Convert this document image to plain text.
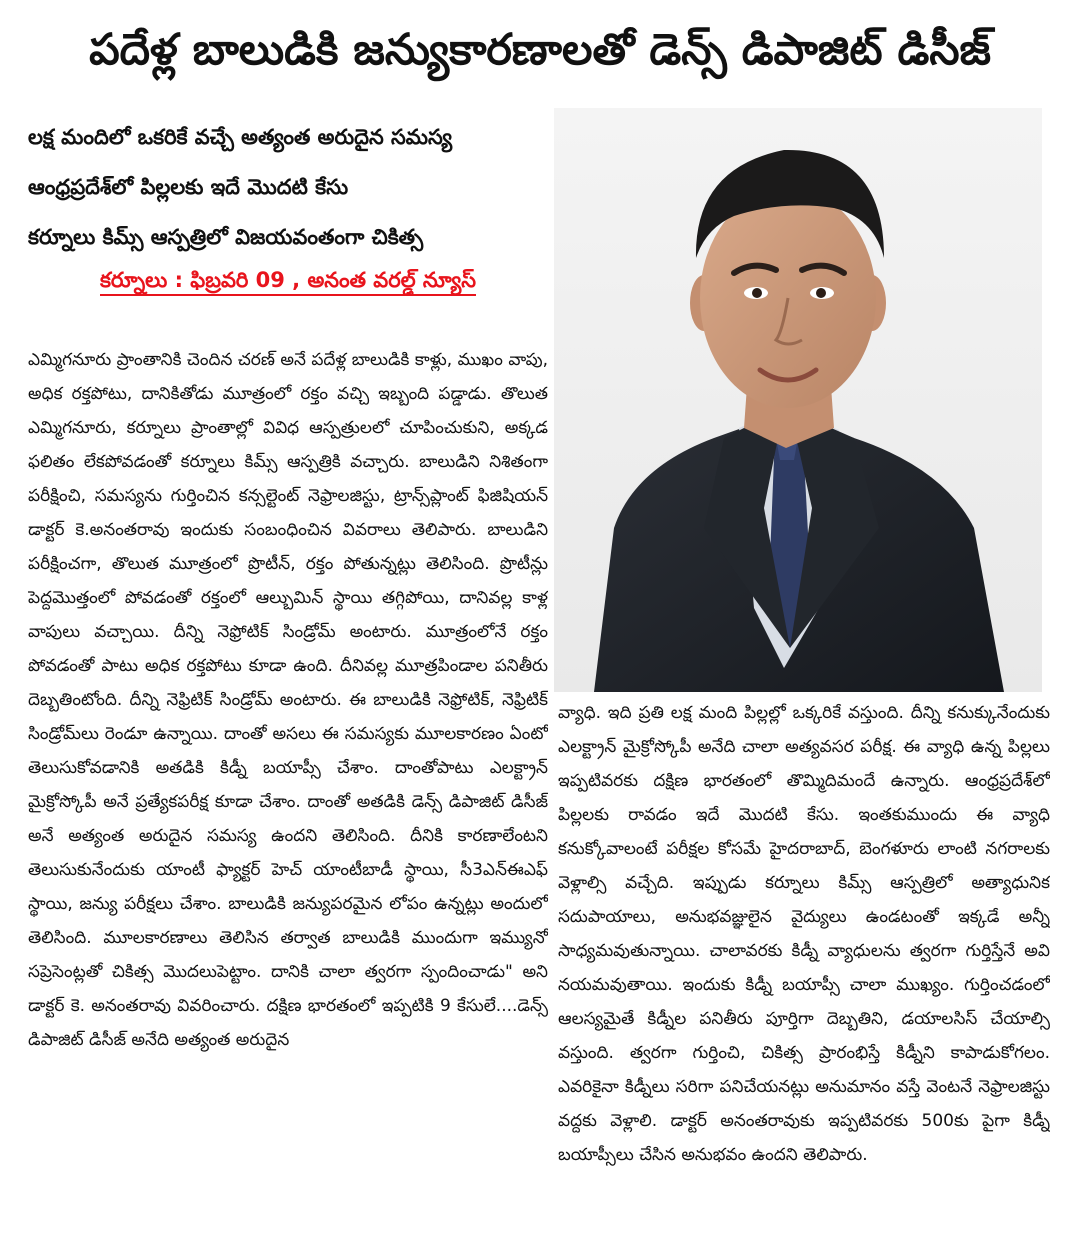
పదేళ్ల బాలుడికి జన్యుకారణాలతో డెన్స్ డిపాజిట్ డిసీజ్
లక్ష మందిలో ఒకరికే వచ్చే అత్యంత అరుదైన సమస్య
ఆంధ్రప్రదేశ్‌లో పిల్లలకు ఇదే మొదటి కేసు
కర్నూలు కిమ్స్ ఆస్పత్రిలో విజయవంతంగా చికిత్స
కర్నూలు : ఫిబ్రవరి 09 , అనంత వరల్డ్ న్యూస్

ఎమ్మిగనూరు ప్రాంతానికి చెందిన చరణ్ అనే పదేళ్ల బాలుడికి కాళ్లు, ముఖం వాపు, అధిక రక్తపోటు, దానికితోడు మూత్రంలో రక్తం వచ్చి ఇబ్బంది పడ్డాడు. తొలుత ఎమ్మిగనూరు, కర్నూలు ప్రాంతాల్లో వివిధ ఆస్పత్రులలో చూపించుకుని, అక్కడ ఫలితం లేకపోవడంతో కర్నూలు కిమ్స్ ఆస్పత్రికి వచ్చారు. బాలుడిని నిశితంగా పరీక్షించి, సమస్యను గుర్తించిన కన్సల్టెంట్ నెఫ్రాలజిస్టు, ట్రాన్స్‌ప్లాంట్ ఫిజిషియన్ డాక్టర్ కె.అనంతరావు ఇందుకు సంబంధించిన వివరాలు తెలిపారు. బాలుడిని పరీక్షించగా, తొలుత మూత్రంలో ప్రొటీన్, రక్తం పోతున్నట్లు తెలిసింది. ప్రొటీన్లు పెద్దమొత్తంలో పోవడంతో రక్తంలో ఆల్బుమిన్ స్థాయి తగ్గిపోయి, దానివల్ల కాళ్ల వాపులు వచ్చాయి. దీన్ని నెఫ్రోటిక్ సిండ్రోమ్ అంటారు. మూత్రంలోనే రక్తం పోవడంతో పాటు అధిక రక్తపోటు కూడా ఉంది. దీనివల్ల మూత్రపిండాల పనితీరు దెబ్బతింటోంది. దీన్ని నెఫ్రిటిక్ సిండ్రోమ్ అంటారు. ఈ బాలుడికి నెఫ్రోటిక్, నెఫ్రిటిక్ సిండ్రోమ్‌లు రెండూ ఉన్నాయి. దాంతో అసలు ఈ సమస్యకు మూలకారణం ఏంటో తెలుసుకోవడానికి అతడికి కిడ్నీ బయాప్సీ చేశాం. దాంతోపాటు ఎలక్ట్రాన్ మైక్రోస్కోపీ అనే ప్రత్యేకపరీక్ష కూడా చేశాం. దాంతో అతడికి డెన్స్ డిపాజిట్ డిసీజ్ అనే అత్యంత అరుదైన సమస్య ఉందని తెలిసింది. దీనికి కారణాలేంటని తెలుసుకునేందుకు యాంటీ ఫ్యాక్టర్ హెచ్ యాంటీబాడీ స్థాయి, సీ3ఎన్ఈఎఫ్ స్థాయి, జన్యు పరీక్షలు చేశాం. బాలుడికి జన్యుపరమైన లోపం ఉన్నట్లు అందులో తెలిసింది. మూలకారణాలు తెలిసిన తర్వాత బాలుడికి ముందుగా ఇమ్యునో సప్రెసెంట్లతో చికిత్స మొదలుపెట్టాం. దానికి చాలా త్వరగా స్పందించాడు" అని డాక్టర్ కె. అనంతరావు వివరించారు. దక్షిణ భారతంలో ఇప్పటికి 9 కేసులే....డెన్స్ డిపాజిట్ డిసీజ్ అనేది అత్యంత అరుదైన

వ్యాధి. ఇది ప్రతి లక్ష మంది పిల్లల్లో ఒక్కరికే వస్తుంది. దీన్ని కనుక్కునేందుకు ఎలక్ట్రాన్ మైక్రోస్కోపీ అనేది చాలా అత్యవసర పరీక్ష. ఈ వ్యాధి ఉన్న పిల్లలు ఇప్పటివరకు దక్షిణ భారతంలో తొమ్మిదిమందే ఉన్నారు. ఆంధ్రప్రదేశ్‌లో పిల్లలకు రావడం ఇదే మొదటి కేసు. ఇంతకుముందు ఈ వ్యాధి కనుక్కోవాలంటే పరీక్షల కోసమే హైదరాబాద్, బెంగళూరు లాంటి నగరాలకు వెళ్లాల్సి వచ్చేది. ఇప్పుడు కర్నూలు కిమ్స్ ఆస్పత్రిలో అత్యాధునిక సదుపాయాలు, అనుభవజ్ఞులైన వైద్యులు ఉండటంతో ఇక్కడే అన్నీ సాధ్యమవుతున్నాయి. చాలావరకు కిడ్నీ వ్యాధులను త్వరగా గుర్తిస్తేనే అవి నయమవుతాయి. ఇందుకు కిడ్నీ బయాప్సీ చాలా ముఖ్యం. గుర్తించడంలో ఆలస్యమైతే కిడ్నీల పనితీరు పూర్తిగా దెబ్బతిని, డయాలసిస్ చేయాల్సి వస్తుంది. త్వరగా గుర్తించి, చికిత్స ప్రారంభిస్తే కిడ్నీని కాపాడుకోగలం. ఎవరికైనా కిడ్నీలు సరిగా పనిచేయనట్లు అనుమానం వస్తే వెంటనే నెఫ్రాలజిస్టు వద్దకు వెళ్లాలి. డాక్టర్ అనంతరావుకు ఇప్పటివరకు 500కు పైగా కిడ్నీ బయాప్సీలు చేసిన అనుభవం ఉందని తెలిపారు.
